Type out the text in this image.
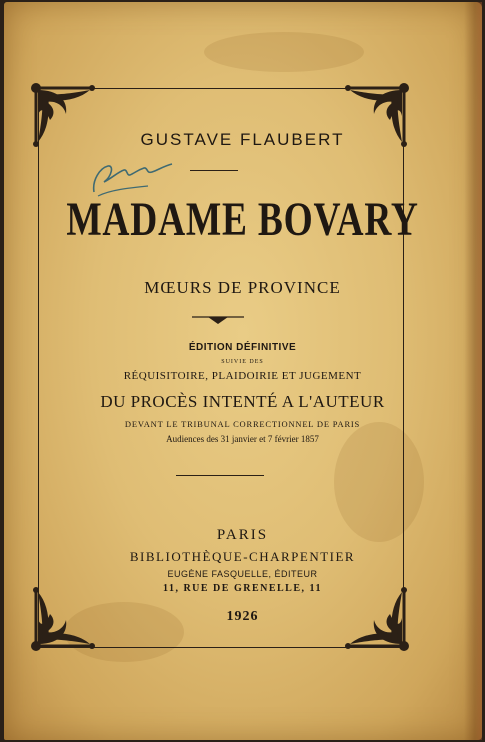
GUSTAVE FLAUBERT
MADAME BOVARY
MŒURS DE PROVINCE
ÉDITION DÉFINITIVE
SUIVIE DES
RÉQUISITOIRE, PLAIDOIRIE ET JUGEMENT
DU PROCÈS INTENTÉ A L'AUTEUR
DEVANT LE TRIBUNAL CORRECTIONNEL DE PARIS
Audiences des 31 janvier et 7 février 1857
PARIS
BIBLIOTHÈQUE-CHARPENTIER
EUGÈNE FASQUELLE, ÉDITEUR
11, RUE DE GRENELLE, 11
1926
